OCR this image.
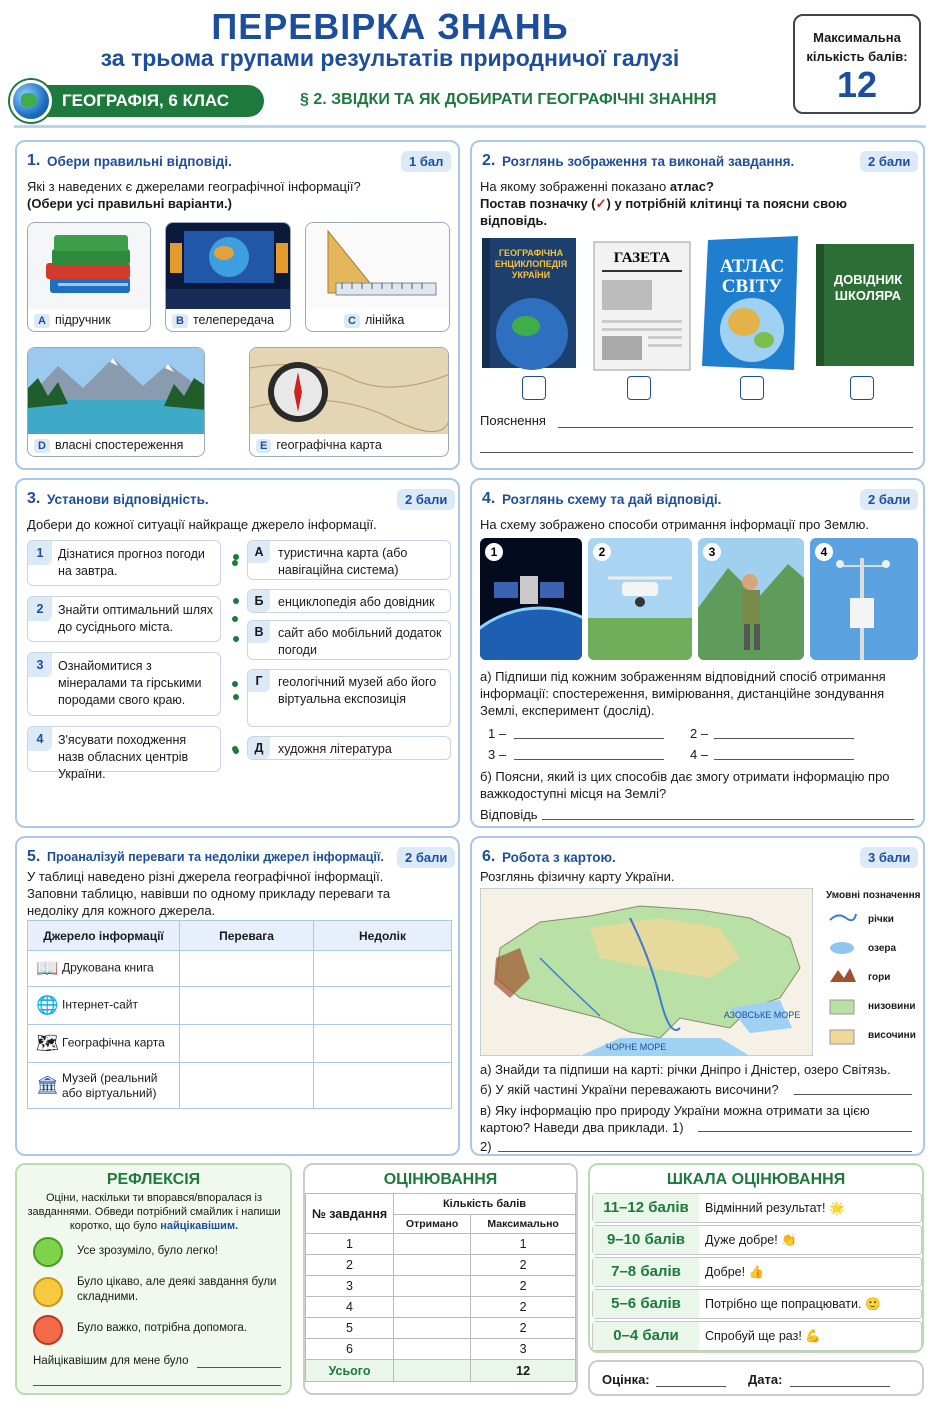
ПЕРЕВІРКА ЗНАНЬ
за трьома групами результатів природничої галузі
Максимальна кількість балів:
12
ГЕОГРАФІЯ, 6 КЛАС	§ 2. ЗВІДКИ ТА ЯК ДОБИРАТИ ГЕОГРАФІЧНІ ЗНАННЯ
1. Обери правильні відповіді.	1 бал
Які з наведених є джерелами географічної інформації?
(Обери усі правильні варіанти.)
A підручник	B телепередача	C лінійка
D власні спостереження	E географічна карта
2. Розглянь зображення та виконай завдання.	2 бали
На якому зображенні показано атлас?
Постав позначку (✓) у потрібній клітинці та поясни свою відповідь.
ГЕОГРАФІЧНА ЕНЦИКЛОПЕДІЯ УКРАЇНИ
ГАЗЕТА	АТЛАС СВІТУ	ДОВІДНИК ШКОЛЯРА
Пояснення
3. Установи відповідність.	2 бали
Добери до кожної ситуації найкраще джерело інформації.
1	Дізнатися прогноз погоди на завтра.
2	Знайти оптимальний шлях до сусіднього міста.
3	Ознайомитися з мінералами та гірськими породами свого краю.
4	З'ясувати походження назв обласних центрів України.
А	туристична карта (або навігаційна система)
Б	енциклопедія або довідник
В	сайт або мобільний додаток погоди
Г	геологічний музей або його віртуальна експозиція
Д	художня література
4. Розглянь схему та дай відповіді.	2 бали
На схему зображено способи отримання інформації про Землю.
1	2	3	4
а) Підпиши під кожним зображенням відповідний спосіб отримання інформації: спостереження, вимірювання, дистанційне зондування Землі, експеримент (дослід).
1 –	2 –
3 –	4 –
б) Поясни, який із цих способів дає змогу отримати інформацію про важкодоступні місця на Землі?
Відповідь
5. Проаналізуй переваги та недоліки джерел інформації.	2 бали
У таблиці наведено різні джерела географічної інформації. Заповни таблицю, навівши по одному прикладу переваги та недоліку для кожного джерела.
Джерело інформації	Перевага	Недолік
📖 Друкована книга		
🌐 Інтернет-сайт		
🗺 Географічна карта		
🏛 Музей (реальний або віртуальний)		
6. Робота з картою.	3 бали
Розглянь фізичну карту України.
ЧОРНЕ МОРЕ
АЗОВСЬКЕ МОРЕ
Умовні позначення
річки
озера
гори
низовини
височини
а) Знайди та підпиши на карті: річки Дніпро і Дністер, озеро Світязь.
б) У якій частині України переважають височини?
в) Яку інформацію про природу України можна отримати за цією картою? Наведи два приклади. 1)
2)
РЕФЛЕКСІЯ
Оціни, наскільки ти впорався/впоралася із завданнями. Обведи потрібний смайлик і напиши коротко, що було найцікавішим.
Усе зрозуміло, було легко!
Було цікаво, але деякі завдання були складними.
Було важко, потрібна допомога.
Найцікавішим для мене було
ОЦІНЮВАННЯ
№ завдання	Кількість балів	
	Отримано	Максимально
1		1
2		2
3		2
4		2
5		2
6		3
Усього		12
ШКАЛА ОЦІНЮВАННЯ
11–12 балів	Відмінний результат! 🌟
9–10 балів	Дуже добре! 👏
7–8 балів	Добре! 👍
5–6 балів	Потрібно ще попрацювати. 🙂
0–4 бали	Спробуй ще раз! 💪
Оцінка:	Дата:
